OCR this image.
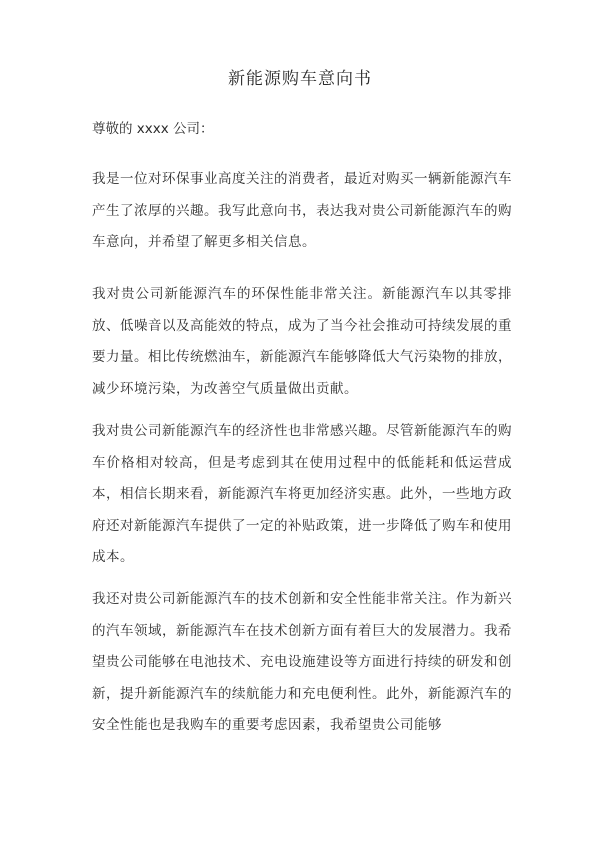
新能源购车意向书

尊敬的 xxxx 公司：

我是一位对环保事业高度关注的消费者，最近对购买一辆新能源汽车产生了浓厚的兴趣。我写此意向书，表达我对贵公司新能源汽车的购车意向，并希望了解更多相关信息。

我对贵公司新能源汽车的环保性能非常关注。新能源汽车以其零排放、低噪音以及高能效的特点，成为了当今社会推动可持续发展的重要力量。相比传统燃油车，新能源汽车能够降低大气污染物的排放，减少环境污染，为改善空气质量做出贡献。

我对贵公司新能源汽车的经济性也非常感兴趣。尽管新能源汽车的购车价格相对较高，但是考虑到其在使用过程中的低能耗和低运营成本，相信长期来看，新能源汽车将更加经济实惠。此外，一些地方政府还对新能源汽车提供了一定的补贴政策，进一步降低了购车和使用成本。

我还对贵公司新能源汽车的技术创新和安全性能非常关注。作为新兴的汽车领域，新能源汽车在技术创新方面有着巨大的发展潜力。我希望贵公司能够在电池技术、充电设施建设等方面进行持续的研发和创新，提升新能源汽车的续航能力和充电便利性。此外，新能源汽车的安全性能也是我购车的重要考虑因素，我希望贵公司能够
